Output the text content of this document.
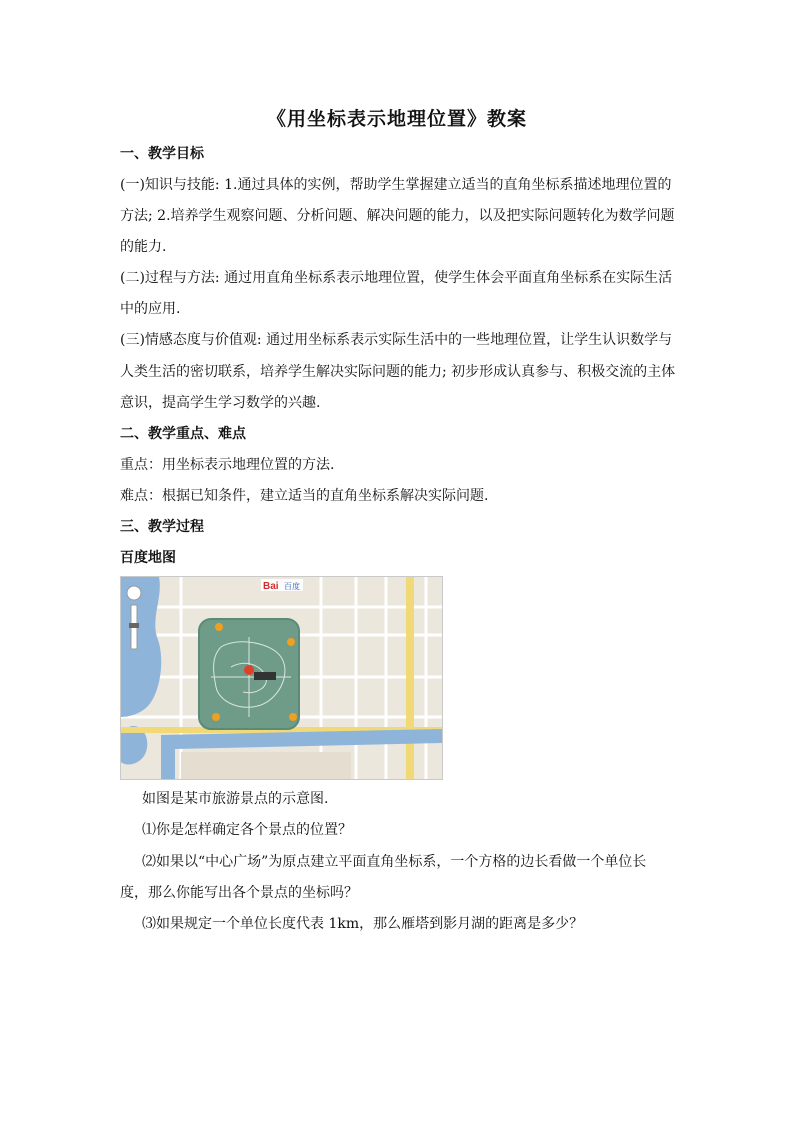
《用坐标表示地理位置》教案
一、教学目标
(一)知识与技能: 1.通过具体的实例，帮助学生掌握建立适当的直角坐标系描述地理位置的
方法; 2.培养学生观察问题、分析问题、解决问题的能力，以及把实际问题转化为数学问题
的能力.
(二)过程与方法: 通过用直角坐标系表示地理位置，使学生体会平面直角坐标系在实际生活
中的应用.
(三)情感态度与价值观: 通过用坐标系表示实际生活中的一些地理位置，让学生认识数学与
人类生活的密切联系，培养学生解决实际问题的能力; 初步形成认真参与、积极交流的主体
意识，提高学生学习数学的兴趣.
二、教学重点、难点
重点：用坐标表示地理位置的方法.
难点：根据已知条件，建立适当的直角坐标系解决实际问题.
三、教学过程
百度地图
Bai 百度
如图是某市旅游景点的示意图.
⑴你是怎样确定各个景点的位置？
⑵如果以“中心广场”为原点建立平面直角坐标系，一个方格的边长看做一个单位长
度，那么你能写出各个景点的坐标吗？
⑶如果规定一个单位长度代表 1km，那么雁塔到影月湖的距离是多少？
